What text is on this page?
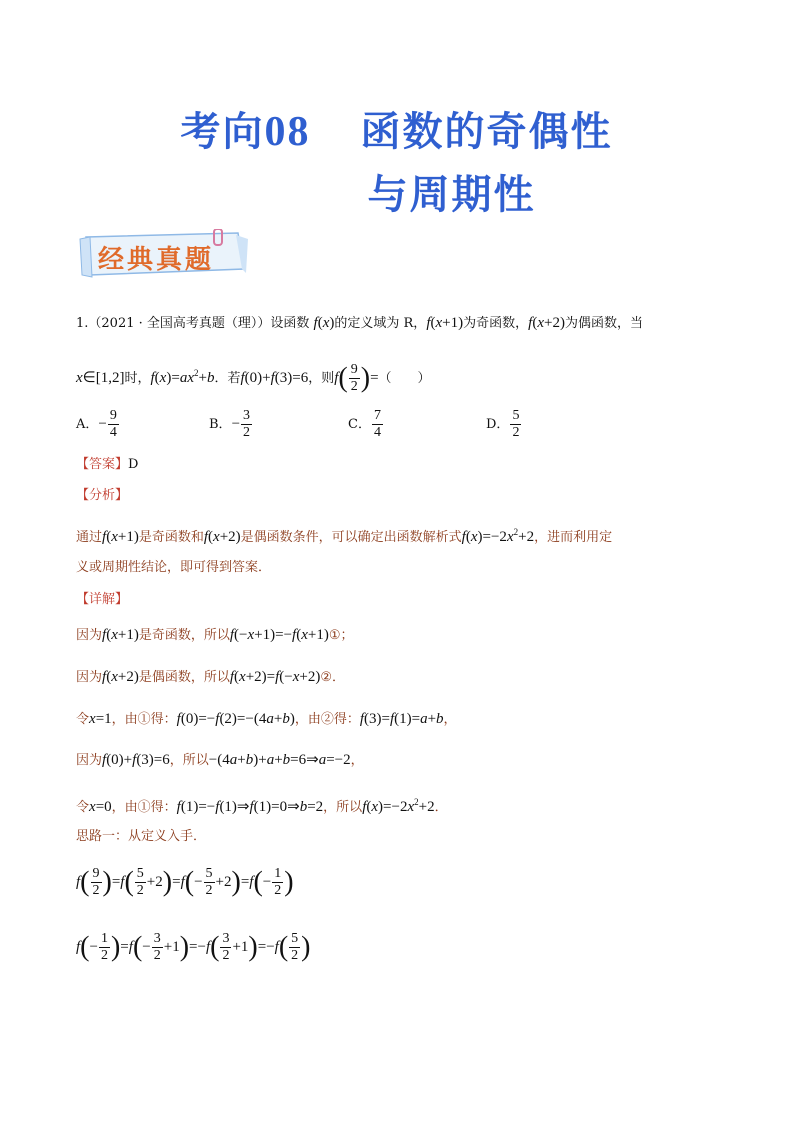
考向08 函数的奇偶性
与周期性
经典真题
1.（2021 · 全国高考真题（理））设函数 f(x)的定义域为 R，f(x+1)为奇函数，f(x+2)为偶函数，当
x∈[1,2]时，$f(x)=ax^2+b$．若f(0)+f(3)=6，则$f( \frac{9}{2}$ )=（　　）
A．− $\frac{9}{4}$	B．− $\frac{3}{2}$	C． $\frac{7}{4}$	D． $\frac{5}{2}$
【答案】D
【分析】
通过f(x+1)是奇函数和f(x+2)是偶函数条件，可以确定出函数解析式$f(x)=-2x^2+2$，进而利用定
义或周期性结论，即可得到答案．
【详解】
因为f(x+1)是奇函数，所以f(−x+1)=−f(x+1)①；
因为f(x+2)是偶函数，所以f(x+2)=f(−x+2)②．
令x=1，由①得：f(0)=−f(2)=−(4a+b)，由②得：f(3)=f(1)=a+b，
因为f(0)+f(3)=6，所以−(4a+b)+a+b=6⇒a=−2，
令x=0，由①得：f(1)=−f(1)⇒f(1)=0⇒b=2，所以$f(x)=-2x^2+2$．
思路一：从定义入手．
$f( \frac{9}{2} )=f( \frac{5}{2} +2)=f(- \frac{5}{2} +2)=f(- \frac{1}{2}$ )
$f(- \frac{1}{2} )=f(- \frac{3}{2} +1)=-f( \frac{3}{2} +1)=-f( \frac{5}{2}$ )
